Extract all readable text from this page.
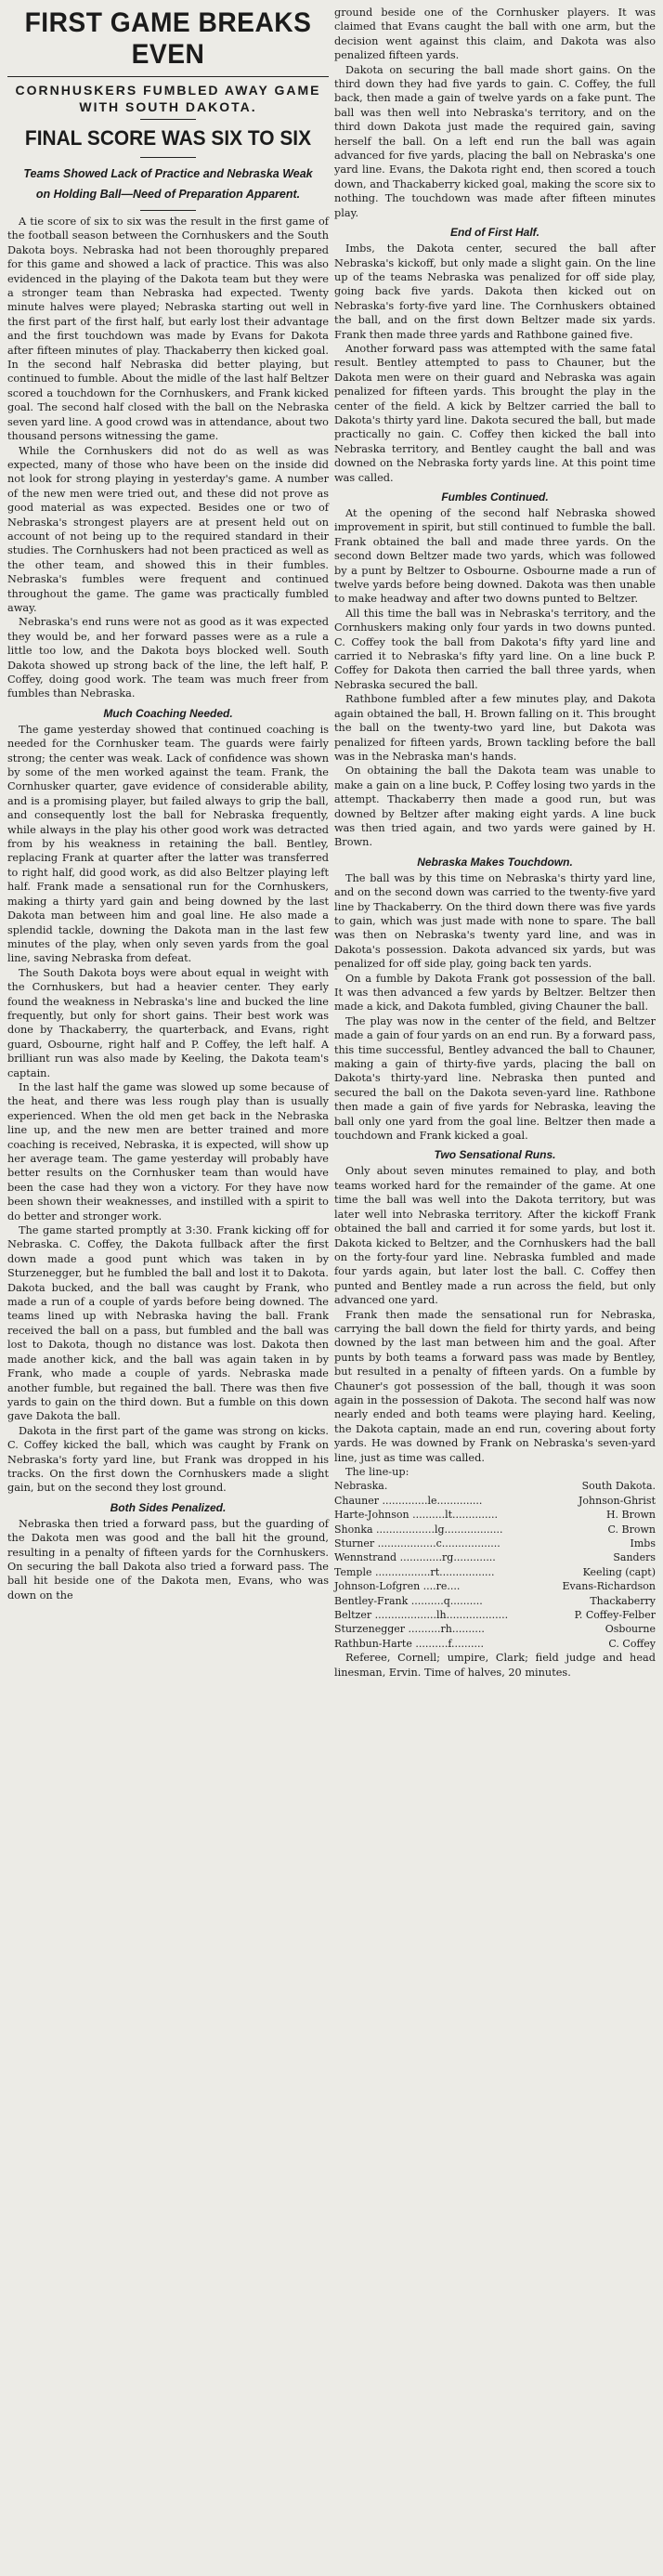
FIRST GAME BREAKS EVEN
CORNHUSKERS FUMBLED AWAY GAME WITH SOUTH DAKOTA.
FINAL SCORE WAS SIX TO SIX
Teams Showed Lack of Practice and Nebraska Weak on Holding Ball—Need of Preparation Apparent.

A tie score of six to six was the result in the first game of the football season between the Cornhuskers and the South Dakota boys. Nebraska had not been thoroughly prepared for this game and showed a lack of practice. This was also evidenced in the playing of the Dakota team but they were a stronger team than Nebraska had expected. Twenty minute halves were played; Nebraska starting out well in the first part of the first half, but early lost their advantage and the first touchdown was made by Evans for Dakota after fifteen minutes of play. Thackaberry then kicked goal. In the second half Nebraska did better playing, but continued to fumble. About the midle of the last half Beltzer scored a touchdown for the Cornhuskers, and Frank kicked goal. The second half closed with the ball on the Nebraska seven yard line. A good crowd was in attendance, about two thousand persons witnessing the game.

While the Cornhuskers did not do as well as was expected, many of those who have been on the inside did not look for strong playing in yesterday's game. A number of the new men were tried out, and these did not prove as good material as was expected. Besides one or two of Nebraska's strongest players are at present held out on account of not being up to the required standard in their studies. The Cornhuskers had not been practiced as well as the other team, and showed this in their fumbles. Nebraska's fumbles were frequent and continued throughout the game. The game was practically fumbled away.

Nebraska's end runs were not as good as it was expected they would be, and her forward passes were as a rule a little too low, and the Dakota boys blocked well. South Dakota showed up strong back of the line, the left half, P. Coffey, doing good work. The team was much freer from fumbles than Nebraska.

Much Coaching Needed.

The game yesterday showed that continued coaching is needed for the Cornhusker team. The guards were fairly strong; the center was weak. Lack of confidence was shown by some of the men worked against the team. Frank, the Cornhusker quarter, gave evidence of considerable ability, and is a promising player, but failed always to grip the ball, and consequently lost the ball for Nebraska frequently, while always in the play his other good work was detracted from by his weakness in retaining the ball. Bentley, replacing Frank at quarter after the latter was transferred to right half, did good work, as did also Beltzer playing left half. Frank made a sensational run for the Cornhuskers, making a thirty yard gain and being downed by the last Dakota man between him and goal line. He also made a splendid tackle, downing the Dakota man in the last few minutes of the play, when only seven yards from the goal line, saving Nebraska from defeat.

The South Dakota boys were about equal in weight with the Cornhuskers, but had a heavier center. They early found the weakness in Nebraska's line and bucked the line frequently, but only for short gains. Their best work was done by Thackaberry, the quarterback, and Evans, right guard, Osbourne, right half and P. Coffey, the left half. A brilliant run was also made by Keeling, the Dakota team's captain.

In the last half the game was slowed up some because of the heat, and there was less rough play than is usually experienced. When the old men get back in the Nebraska line up, and the new men are better trained and more coaching is received, Nebraska, it is expected, will show up her average team. The game yesterday will probably have better results on the Cornhusker team than would have been the case had they won a victory. For they have now been shown their weaknesses, and instilled with a spirit to do better and stronger work.

The game started promptly at 3:30. Frank kicking off for Nebraska. C. Coffey, the Dakota fullback after the first down made a good punt which was taken in by Sturzenegger, but he fumbled the ball and lost it to Dakota. Dakota bucked, and the ball was caught by Frank, who made a run of a couple of yards before being downed. The teams lined up with Nebraska having the ball. Frank received the ball on a pass, but fumbled and the ball was lost to Dakota, though no distance was lost. Dakota then made another kick, and the ball was again taken in by Frank, who made a couple of yards. Nebraska made another fumble, but regained the ball. There was then five yards to gain on the third down. But a fumble on this down gave Dakota the ball.

Dakota in the first part of the game was strong on kicks. C. Coffey kicked the ball, which was caught by Frank on Nebraska's forty yard line, but Frank was dropped in his tracks. On the first down the Cornhuskers made a slight gain, but on the second they lost ground.

Both Sides Penalized.

Nebraska then tried a forward pass, but the guarding of the Dakota men was good and the ball hit the ground, resulting in a penalty of fifteen yards for the Cornhuskers. On securing the ball Dakota also tried a forward pass. The ball hit beside one of the Dakota men, Evans, who was down on the

ground beside one of the Cornhusker players. It was claimed that Evans caught the ball with one arm, but the decision went against this claim, and Dakota was also penalized fifteen yards.

Dakota on securing the ball made short gains. On the third down they had five yards to gain. C. Coffey, the full back, then made a gain of twelve yards on a fake punt. The ball was then well into Nebraska's territory, and on the third down Dakota just made the required gain, saving herself the ball. On a left end run the ball was again advanced for five yards, placing the ball on Nebraska's one yard line. Evans, the Dakota right end, then scored a touch down, and Thackaberry kicked goal, making the score six to nothing. The touchdown was made after fifteen minutes play.

End of First Half.

Imbs, the Dakota center, secured the ball after Nebraska's kickoff, but only made a slight gain. On the line up of the teams Nebraska was penalized for off side play, going back five yards. Dakota then kicked out on Nebraska's forty-five yard line. The Cornhuskers obtained the ball, and on the first down Beltzer made six yards. Frank then made three yards and Rathbone gained five.

Another forward pass was attempted with the same fatal result. Bentley attempted to pass to Chauner, but the Dakota men were on their guard and Nebraska was again penalized for fifteen yards. This brought the play in the center of the field. A kick by Beltzer carried the ball to Dakota's thirty yard line. Dakota secured the ball, but made practically no gain. C. Coffey then kicked the ball into Nebraska territory, and Bentley caught the ball and was downed on the Nebraska forty yards line. At this point time was called.

Fumbles Continued.

At the opening of the second half Nebraska showed improvement in spirit, but still continued to fumble the ball. Frank obtained the ball and made three yards. On the second down Beltzer made two yards, which was followed by a punt by Beltzer to Osbourne. Osbourne made a run of twelve yards before being downed. Dakota was then unable to make headway and after two downs punted to Beltzer.

All this time the ball was in Nebraska's territory, and the Cornhuskers making only four yards in two downs punted. C. Coffey took the ball from Dakota's fifty yard line and carried it to Nebraska's fifty yard line. On a line buck P. Coffey for Dakota then carried the ball three yards, when Nebraska secured the ball.

Rathbone fumbled after a few minutes play, and Dakota again obtained the ball, H. Brown falling on it. This brought the ball on the twenty-two yard line, but Dakota was penalized for fifteen yards, Brown tackling before the ball was in the Nebraska man's hands.

On obtaining the ball the Dakota team was unable to make a gain on a line buck, P. Coffey losing two yards in the attempt. Thackaberry then made a good run, but was downed by Beltzer after making eight yards. A line buck was then tried again, and two yards were gained by H. Brown.

Nebraska Makes Touchdown.

The ball was by this time on Nebraska's thirty yard line, and on the second down was carried to the twenty-five yard line by Thackaberry. On the third down there was five yards to gain, which was just made with none to spare. The ball was then on Nebraska's twenty yard line, and was in Dakota's possession. Dakota advanced six yards, but was penalized for off side play, going back ten yards.

On a fumble by Dakota Frank got possession of the ball. It was then advanced a few yards by Beltzer. Beltzer then made a kick, and Dakota fumbled, giving Chauner the ball.

The play was now in the center of the field, and Beltzer made a gain of four yards on an end run. By a forward pass, this time successful, Bentley advanced the ball to Chauner, making a gain of thirty-five yards, placing the ball on Dakota's thirty-yard line. Nebraska then punted and secured the ball on the Dakota seven-yard line. Rathbone then made a gain of five yards for Nebraska, leaving the ball only one yard from the goal line. Beltzer then made a touchdown and Frank kicked a goal.

Two Sensational Runs.

Only about seven minutes remained to play, and both teams worked hard for the remainder of the game. At one time the ball was well into the Dakota territory, but was later well into Nebraska territory. After the kickoff Frank obtained the ball and carried it for some yards, but lost it. Dakota kicked to Beltzer, and the Cornhuskers had the ball on the forty-four yard line. Nebraska fumbled and made four yards again, but later lost the ball. C. Coffey then punted and Bentley made a run across the field, but only advanced one yard.

Frank then made the sensational run for Nebraska, carrying the ball down the field for thirty yards, and being downed by the last man between him and the goal. After punts by both teams a forward pass was made by Bentley, but resulted in a penalty of fifteen yards. On a fumble by Chauner's got possession of the ball, though it was soon again in the possession of Dakota. The second half was now nearly ended and both teams were playing hard. Keeling, the Dakota captain, made an end run, covering about forty yards. He was downed by Frank on Nebraska's seven-yard line, just as time was called.

The line-up:
Nebraska.	South Dakota.
Chauner ..............le..............	Johnson-Ghrist
Harte-Johnson ..........lt..............	H. Brown
Shonka ..................lg..................	C. Brown
Sturner ..................c..................	Imbs
Wennstrand .............rg.............	Sanders
Temple .................rt.................	Keeling (capt)
Johnson-Lofgren ....re....	Evans-Richardson
Bentley-Frank ..........q..........	Thackaberry
Beltzer ...................lh...................	P. Coffey-Felber
Sturzenegger ..........rh..........	Osbourne
Rathbun-Harte ..........f..........	C. Coffey
Referee, Cornell; umpire, Clark; field judge and head linesman, Ervin. Time of halves, 20 minutes.
